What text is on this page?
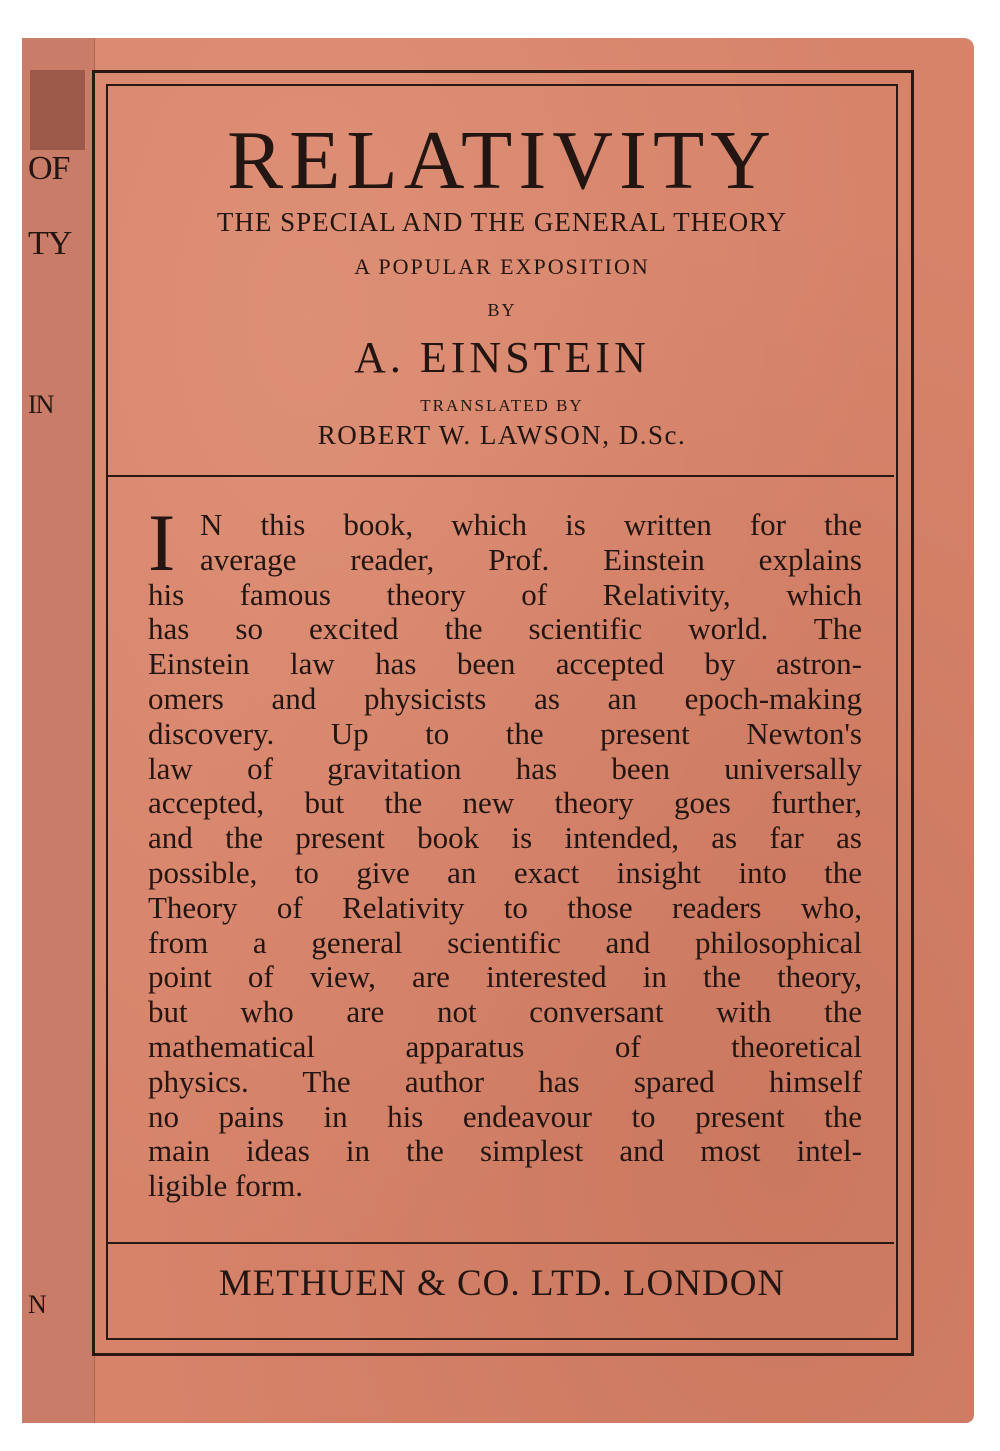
OF
TY
IN
N
RELATIVITY
THE SPECIAL AND THE GENERAL THEORY
A POPULAR EXPOSITION
BY
A. EINSTEIN
TRANSLATED BY
ROBERT W. LAWSON, D.Sc.
I N this book, which is written for the
average reader, Prof. Einstein explains
his famous theory of Relativity, which
has so excited the scientific world. The
Einstein law has been accepted by astron-
omers and physicists as an epoch-making
discovery. Up to the present Newton's
law of gravitation has been universally
accepted, but the new theory goes further,
and the present book is intended, as far as
possible, to give an exact insight into the
Theory of Relativity to those readers who,
from a general scientific and philosophical
point of view, are interested in the theory,
but who are not conversant with the
mathematical apparatus of theoretical
physics. The author has spared himself
no pains in his endeavour to present the
main ideas in the simplest and most intel-
ligible form.
METHUEN & CO. LTD. LONDON
